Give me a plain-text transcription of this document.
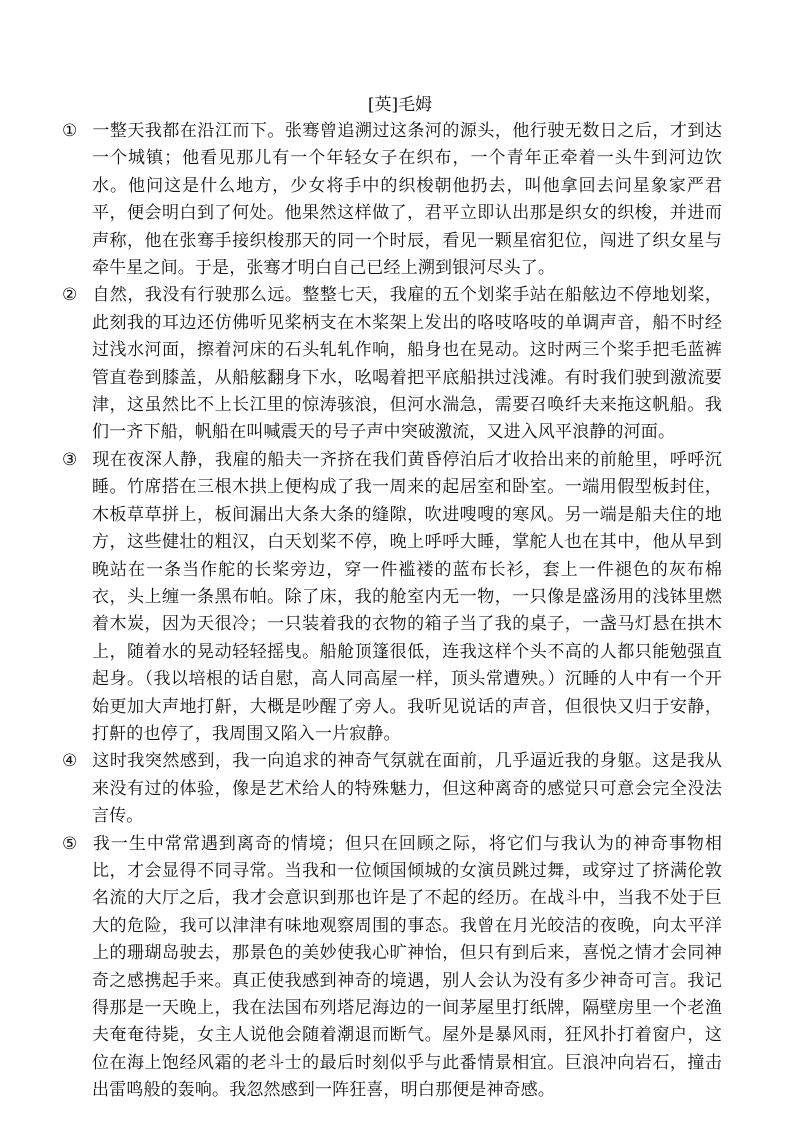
[英]毛姆

① 一整天我都在沿江而下。张骞曾追溯过这条河的源头，他行驶无数日之后，才到达一个城镇；他看见那儿有一个年轻女子在织布，一个青年正牵着一头牛到河边饮水。他问这是什么地方，少女将手中的织梭朝他扔去，叫他拿回去问星象家严君平，便会明白到了何处。他果然这样做了，君平立即认出那是织女的织梭，并进而声称，他在张骞手接织梭那天的同一个时辰，看见一颗星宿犯位，闯进了织女星与牵牛星之间。于是，张骞才明白自己已经上溯到银河尽头了。

② 自然，我没有行驶那么远。整整七天，我雇的五个划桨手站在船舷边不停地划桨，此刻我的耳边还仿佛听见桨柄支在木桨架上发出的咯吱咯吱的单调声音，船不时经过浅水河面，擦着河床的石头轧轧作响，船身也在晃动。这时两三个桨手把毛蓝裤管直卷到膝盖，从船舷翻身下水，吆喝着把平底船拱过浅滩。有时我们驶到激流要津，这虽然比不上长江里的惊涛骇浪，但河水湍急，需要召唤纤夫来拖这帆船。我们一齐下船，帆船在叫喊震天的号子声中突破激流，又进入风平浪静的河面。

③ 现在夜深人静，我雇的船夫一齐挤在我们黄昏停泊后才收拾出来的前舱里，呼呼沉睡。竹席搭在三根木拱上便构成了我一周来的起居室和卧室。一端用假型板封住，木板草草拼上，板间漏出大条大条的缝隙，吹进嗖嗖的寒风。另一端是船夫住的地方，这些健壮的粗汉，白天划桨不停，晚上呼呼大睡，掌舵人也在其中，他从早到晚站在一条当作舵的长桨旁边，穿一件褴褛的蓝布长衫，套上一件褪色的灰布棉衣，头上缠一条黑布帕。除了床，我的舱室内无一物，一只像是盛汤用的浅钵里燃着木炭，因为天很冷；一只装着我的衣物的箱子当了我的桌子，一盏马灯悬在拱木上，随着水的晃动轻轻摇曳。船舱顶篷很低，连我这样个头不高的人都只能勉强直起身。（我以培根的话自慰，高人同高屋一样，顶头常遭殃。）沉睡的人中有一个开始更加大声地打鼾，大概是吵醒了旁人。我听见说话的声音，但很快又归于安静，打鼾的也停了，我周围又陷入一片寂静。

④ 这时我突然感到，我一向追求的神奇气氛就在面前，几乎逼近我的身躯。这是我从来没有过的体验，像是艺术给人的特殊魅力，但这种离奇的感觉只可意会完全没法言传。

⑤ 我一生中常常遇到离奇的情境；但只在回顾之际，将它们与我认为的神奇事物相比，才会显得不同寻常。当我和一位倾国倾城的女演员跳过舞，或穿过了挤满伦敦名流的大厅之后，我才会意识到那也许是了不起的经历。在战斗中，当我不处于巨大的危险，我可以津津有味地观察周围的事态。我曾在月光皎洁的夜晚，向太平洋上的珊瑚岛驶去，那景色的美妙使我心旷神怡，但只有到后来，喜悦之情才会同神奇之感携起手来。真正使我感到神奇的境遇，别人会认为没有多少神奇可言。我记得那是一天晚上，我在法国布列塔尼海边的一间茅屋里打纸牌，隔壁房里一个老渔夫奄奄待毙，女主人说他会随着潮退而断气。屋外是暴风雨，狂风扑打着窗户，这位在海上饱经风霜的老斗士的最后时刻似乎与此番情景相宜。巨浪冲向岩石，撞击出雷鸣般的轰响。我忽然感到一阵狂喜，明白那便是神奇感。
